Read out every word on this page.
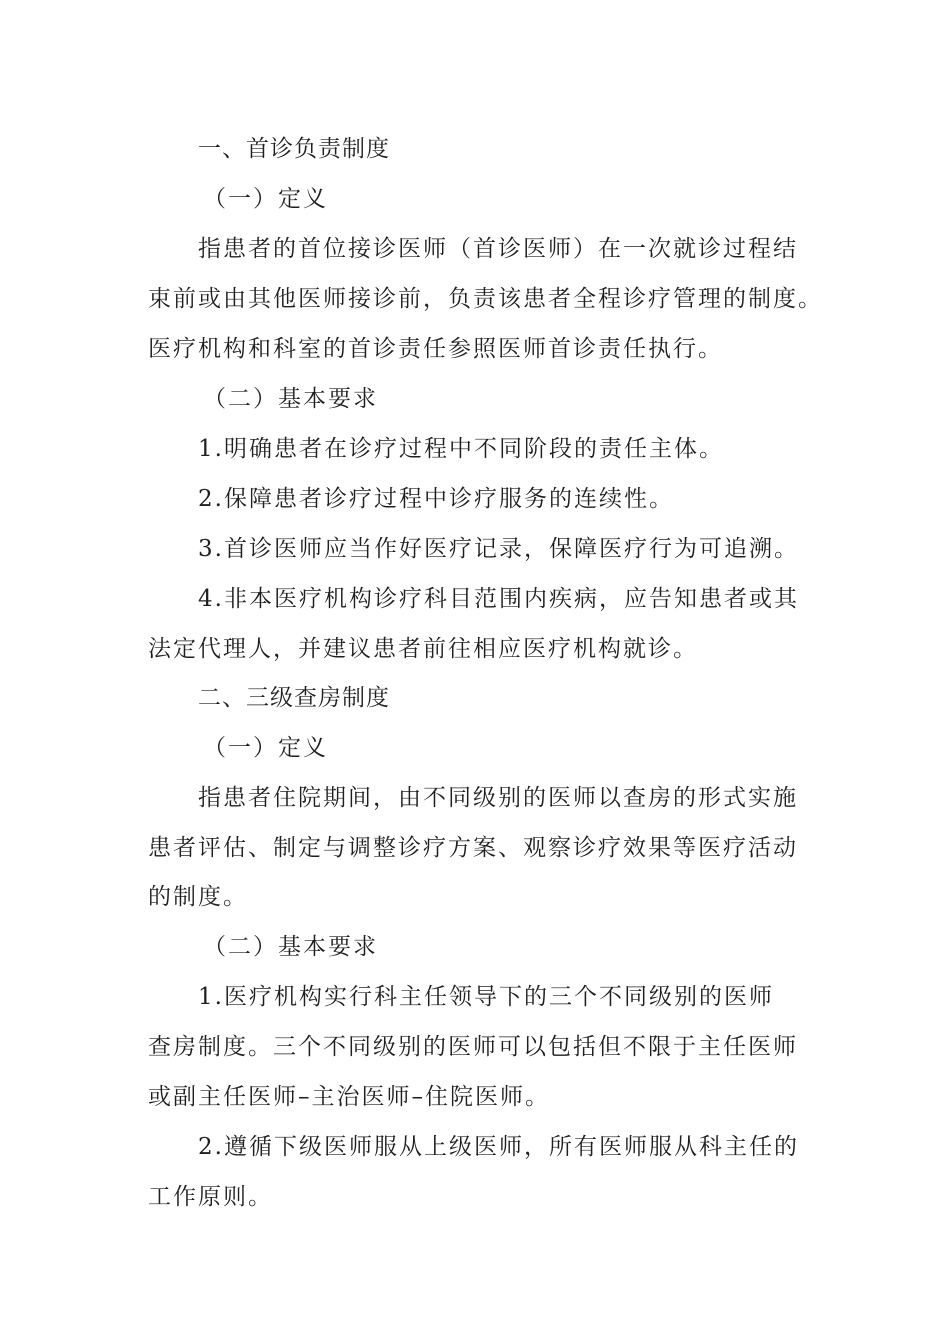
一、首诊负责制度
（一）定义
指患者的首位接诊医师（首诊医师）在一次就诊过程结
束前或由其他医师接诊前，负责该患者全程诊疗管理的制度。
医疗机构和科室的首诊责任参照医师首诊责任执行。
（二）基本要求
1.明确患者在诊疗过程中不同阶段的责任主体。
2.保障患者诊疗过程中诊疗服务的连续性。
3.首诊医师应当作好医疗记录，保障医疗行为可追溯。
4.非本医疗机构诊疗科目范围内疾病，应告知患者或其
法定代理人，并建议患者前往相应医疗机构就诊。
二、三级查房制度
（一）定义
指患者住院期间，由不同级别的医师以查房的形式实施
患者评估、制定与调整诊疗方案、观察诊疗效果等医疗活动
的制度。
（二）基本要求
1.医疗机构实行科主任领导下的三个不同级别的医师
查房制度。三个不同级别的医师可以包括但不限于主任医师
或副主任医师–主治医师–住院医师。
2.遵循下级医师服从上级医师，所有医师服从科主任的
工作原则。
